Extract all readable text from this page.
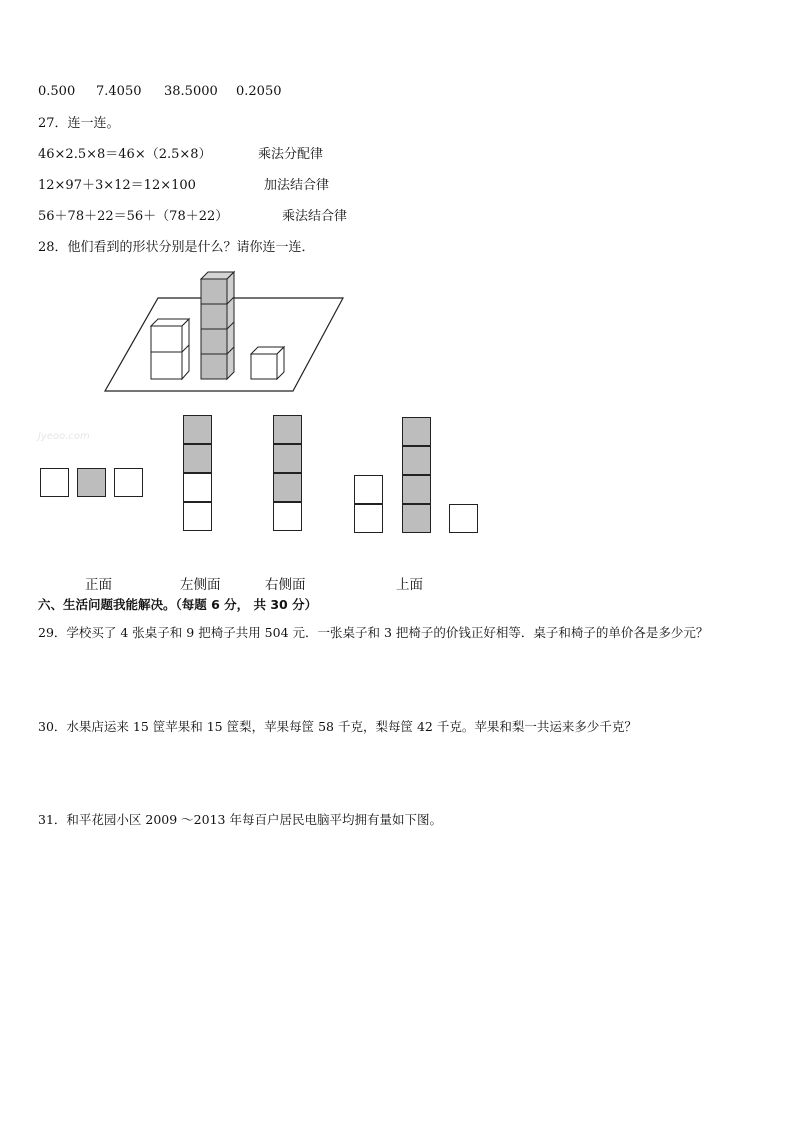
0.500 7.4050 38.5000 0.2050
27．连一连。
46×2.5×8＝46×（2.5×8）	乘法分配律
12×97＋3×12＝12×100	加法结合律
56＋78＋22＝56＋（78＋22）	乘法结合律
28．他们看到的形状分别是什么？请你连一连．
Jyeoo.com
正面	左侧面	右侧面	上面
六、生活问题我能解决。（每题 6 分， 共 30 分）
29．学校买了 4 张桌子和 9 把椅子共用 504 元．一张桌子和 3 把椅子的价钱正好相等．桌子和椅子的单价各是多少元？
30．水果店运来 15 筐苹果和 15 筐梨，苹果每筐 58 千克，梨每筐 42 千克。苹果和梨一共运来多少千克？
31．和平花园小区 2009 ～2013 年每百户居民电脑平均拥有量如下图。
